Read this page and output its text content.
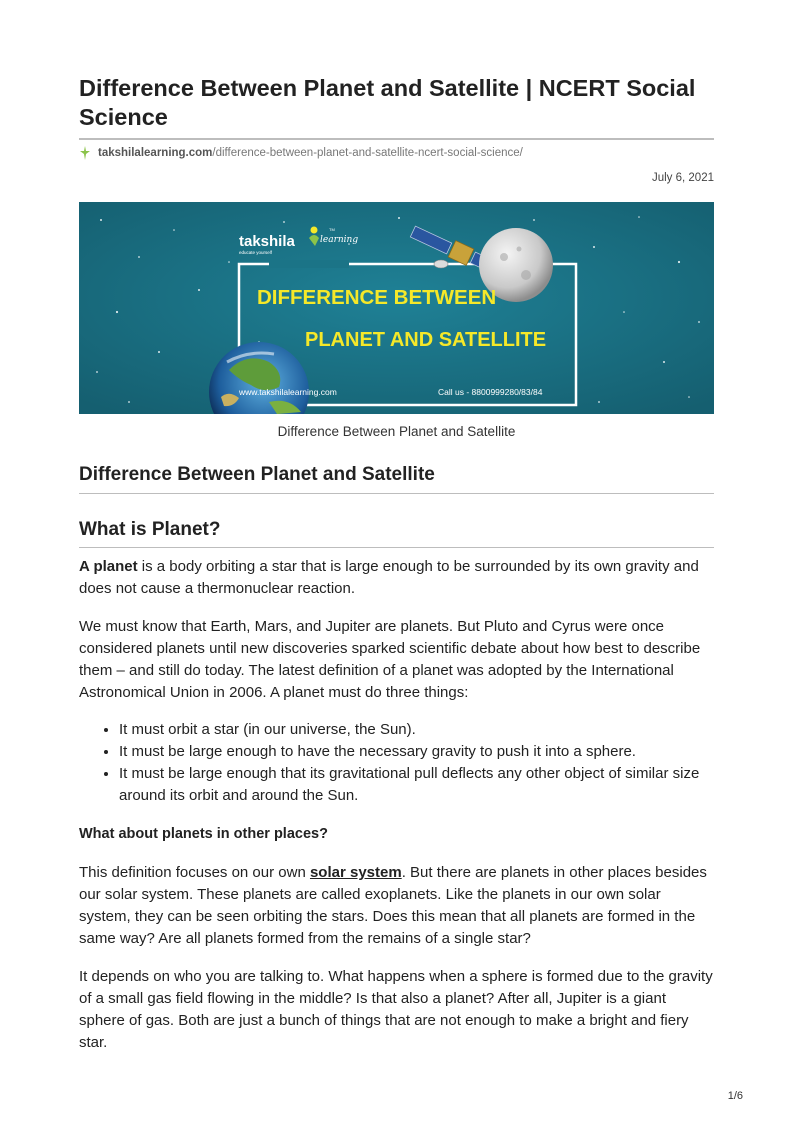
Difference Between Planet and Satellite | NCERT Social Science
takshilalearning.com /difference-between-planet-and-satellite-ncert-social-science/
July 6, 2021
takshila	learning
TM
educate yourself
DIFFERENCE BETWEEN
PLANET AND SATELLITE
www.takshilalearning.com	Call us - 8800999280/83/84
Difference Between Planet and Satellite
Difference Between Planet and Satellite
What is Planet?

A planet is a body orbiting a star that is large enough to be surrounded by its own gravity and does not cause a thermonuclear reaction.

We must know that Earth, Mars, and Jupiter are planets. But Pluto and Cyrus were once considered planets until new discoveries sparked scientific debate about how best to describe them – and still do today. The latest definition of a planet was adopted by the International Astronomical Union in 2006. A planet must do three things:

• It must orbit a star (in our universe, the Sun).
• It must be large enough to have the necessary gravity to push it into a sphere.
• It must be large enough that its gravitational pull deflects any other object of similar size around its orbit and around the Sun.
What about planets in other places?

This definition focuses on our own solar system. But there are planets in other places besides our solar system. These planets are called exoplanets. Like the planets in our own solar system, they can be seen orbiting the stars. Does this mean that all planets are formed in the same way? Are all planets formed from the remains of a single star?

It depends on who you are talking to. What happens when a sphere is formed due to the gravity of a small gas field flowing in the middle? Is that also a planet? After all, Jupiter is a giant sphere of gas. Both are just a bunch of things that are not enough to make a bright and fiery star.

1/6
